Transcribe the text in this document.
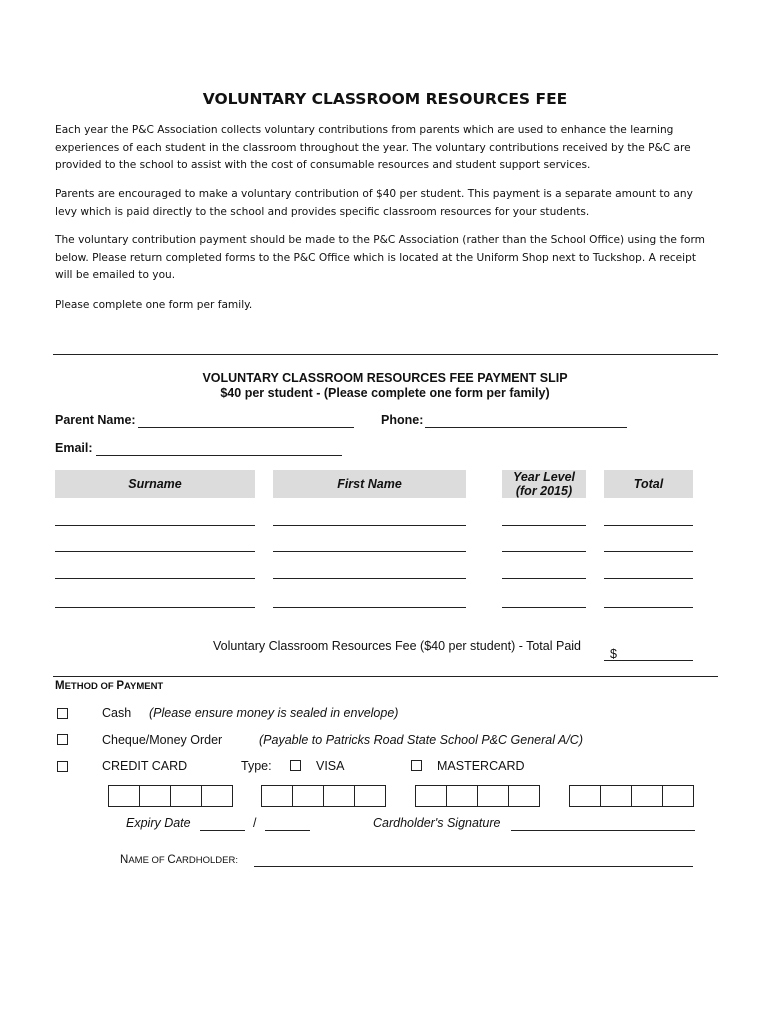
VOLUNTARY CLASSROOM RESOURCES FEE

Each year the P&C Association collects voluntary contributions from parents which are used to enhance the learning experiences of each student in the classroom throughout the year. The voluntary contributions received by the P&C are provided to the school to assist with the cost of consumable resources and student support services.

Parents are encouraged to make a voluntary contribution of $40 per student. This payment is a separate amount to any levy which is paid directly to the school and provides specific classroom resources for your students.

The voluntary contribution payment should be made to the P&C Association (rather than the School Office) using the form below. Please return completed forms to the P&C Office which is located at the Uniform Shop next to Tuckshop. A receipt will be emailed to you.

Please complete one form per family.

VOLUNTARY CLASSROOM RESOURCES FEE PAYMENT SLIP
$40 per student - (Please complete one form per family)
Parent Name:	Phone:
Email:
Surname	First Name	Year Level (for 2015)	Total
Voluntary Classroom Resources Fee ($40 per student) - Total Paid
$
METHOD OF PAYMENT
Cash (Please ensure money is sealed in envelope)
Cheque/Money Order	(Payable to Patricks Road State School P&C General A/C)
CREDIT CARD	Type:	VISA	MASTERCARD
Expiry Date	/	Cardholder's Signature
NAME OF CARDHOLDER:
